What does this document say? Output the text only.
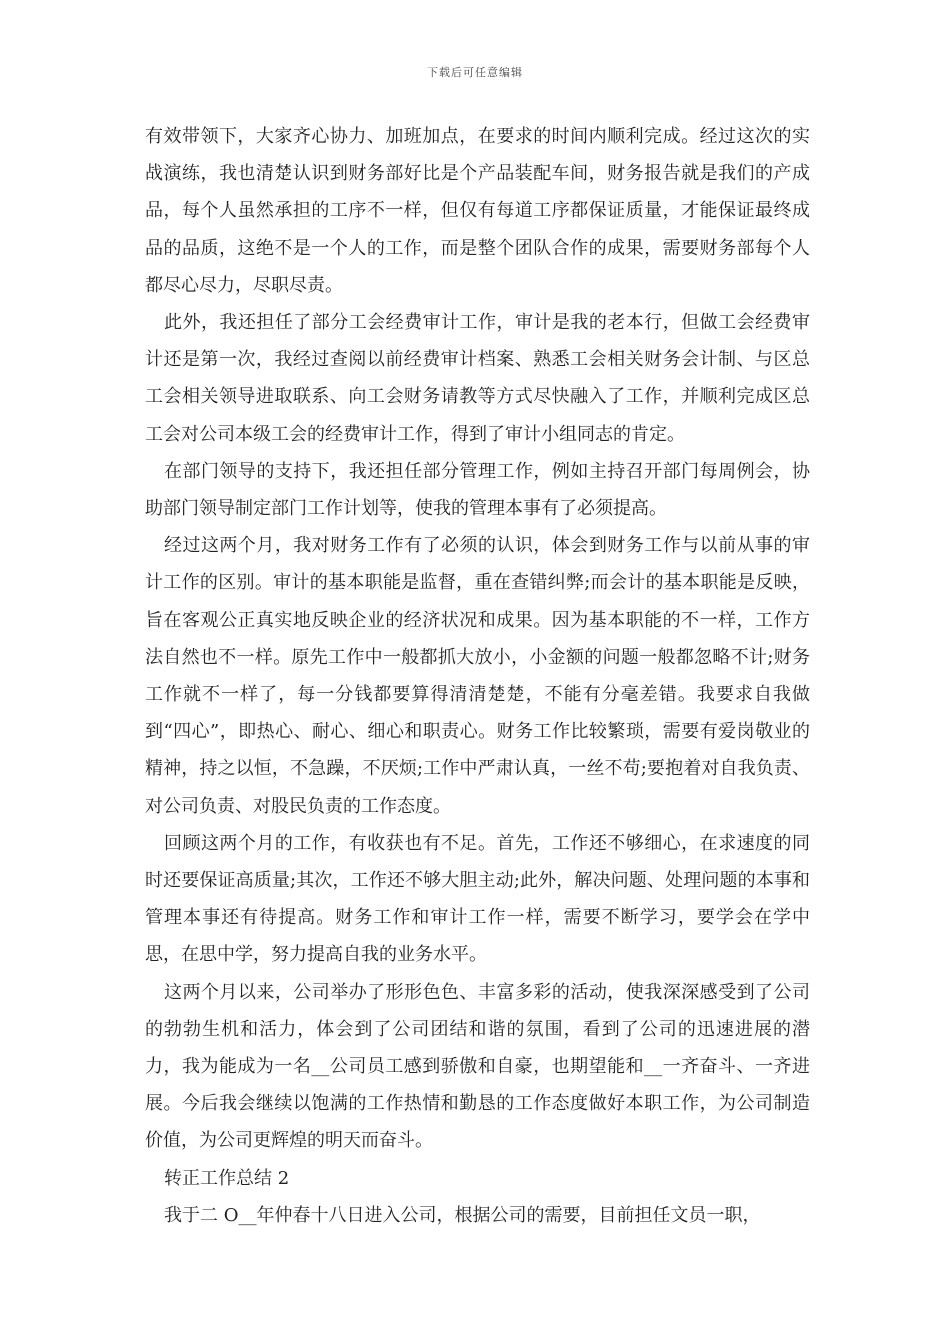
下载后可任意编辑

有效带领下，大家齐心协力、加班加点，在要求的时间内顺利完成。经过这次的实战演练，我也清楚认识到财务部好比是个产品装配车间，财务报告就是我们的产成品，每个人虽然承担的工序不一样，但仅有每道工序都保证质量，才能保证最终成品的品质，这绝不是一个人的工作，而是整个团队合作的成果，需要财务部每个人都尽心尽力，尽职尽责。

此外，我还担任了部分工会经费审计工作，审计是我的老本行，但做工会经费审计还是第一次，我经过查阅以前经费审计档案、熟悉工会相关财务会计制、与区总工会相关领导进取联系、向工会财务请教等方式尽快融入了工作，并顺利完成区总工会对公司本级工会的经费审计工作，得到了审计小组同志的肯定。

在部门领导的支持下，我还担任部分管理工作，例如主持召开部门每周例会，协助部门领导制定部门工作计划等，使我的管理本事有了必须提高。

经过这两个月，我对财务工作有了必须的认识，体会到财务工作与以前从事的审计工作的区别。审计的基本职能是监督，重在查错纠弊;而会计的基本职能是反映，旨在客观公正真实地反映企业的经济状况和成果。因为基本职能的不一样，工作方法自然也不一样。原先工作中一般都抓大放小，小金额的问题一般都忽略不计;财务工作就不一样了，每一分钱都要算得清清楚楚，不能有分毫差错。我要求自我做到“四心”，即热心、耐心、细心和职责心。财务工作比较繁琐，需要有爱岗敬业的精神，持之以恒，不急躁，不厌烦;工作中严肃认真，一丝不苟;要抱着对自我负责、对公司负责、对股民负责的工作态度。

回顾这两个月的工作，有收获也有不足。首先，工作还不够细心，在求速度的同时还要保证高质量;其次，工作还不够大胆主动;此外，解决问题、处理问题的本事和管理本事还有待提高。财务工作和审计工作一样，需要不断学习，要学会在学中思，在思中学，努力提高自我的业务水平。

这两个月以来，公司举办了形形色色、丰富多彩的活动，使我深深感受到了公司的勃勃生机和活力，体会到了公司团结和谐的氛围，看到了公司的迅速进展的潜力，我为能成为一名__公司员工感到骄傲和自豪，也期望能和__一齐奋斗、一齐进展。今后我会继续以饱满的工作热情和勤恳的工作态度做好本职工作，为公司制造价值，为公司更辉煌的明天而奋斗。

转正工作总结 2

我于二 O__年仲春十八日进入公司，根据公司的需要，目前担任文员一职，
